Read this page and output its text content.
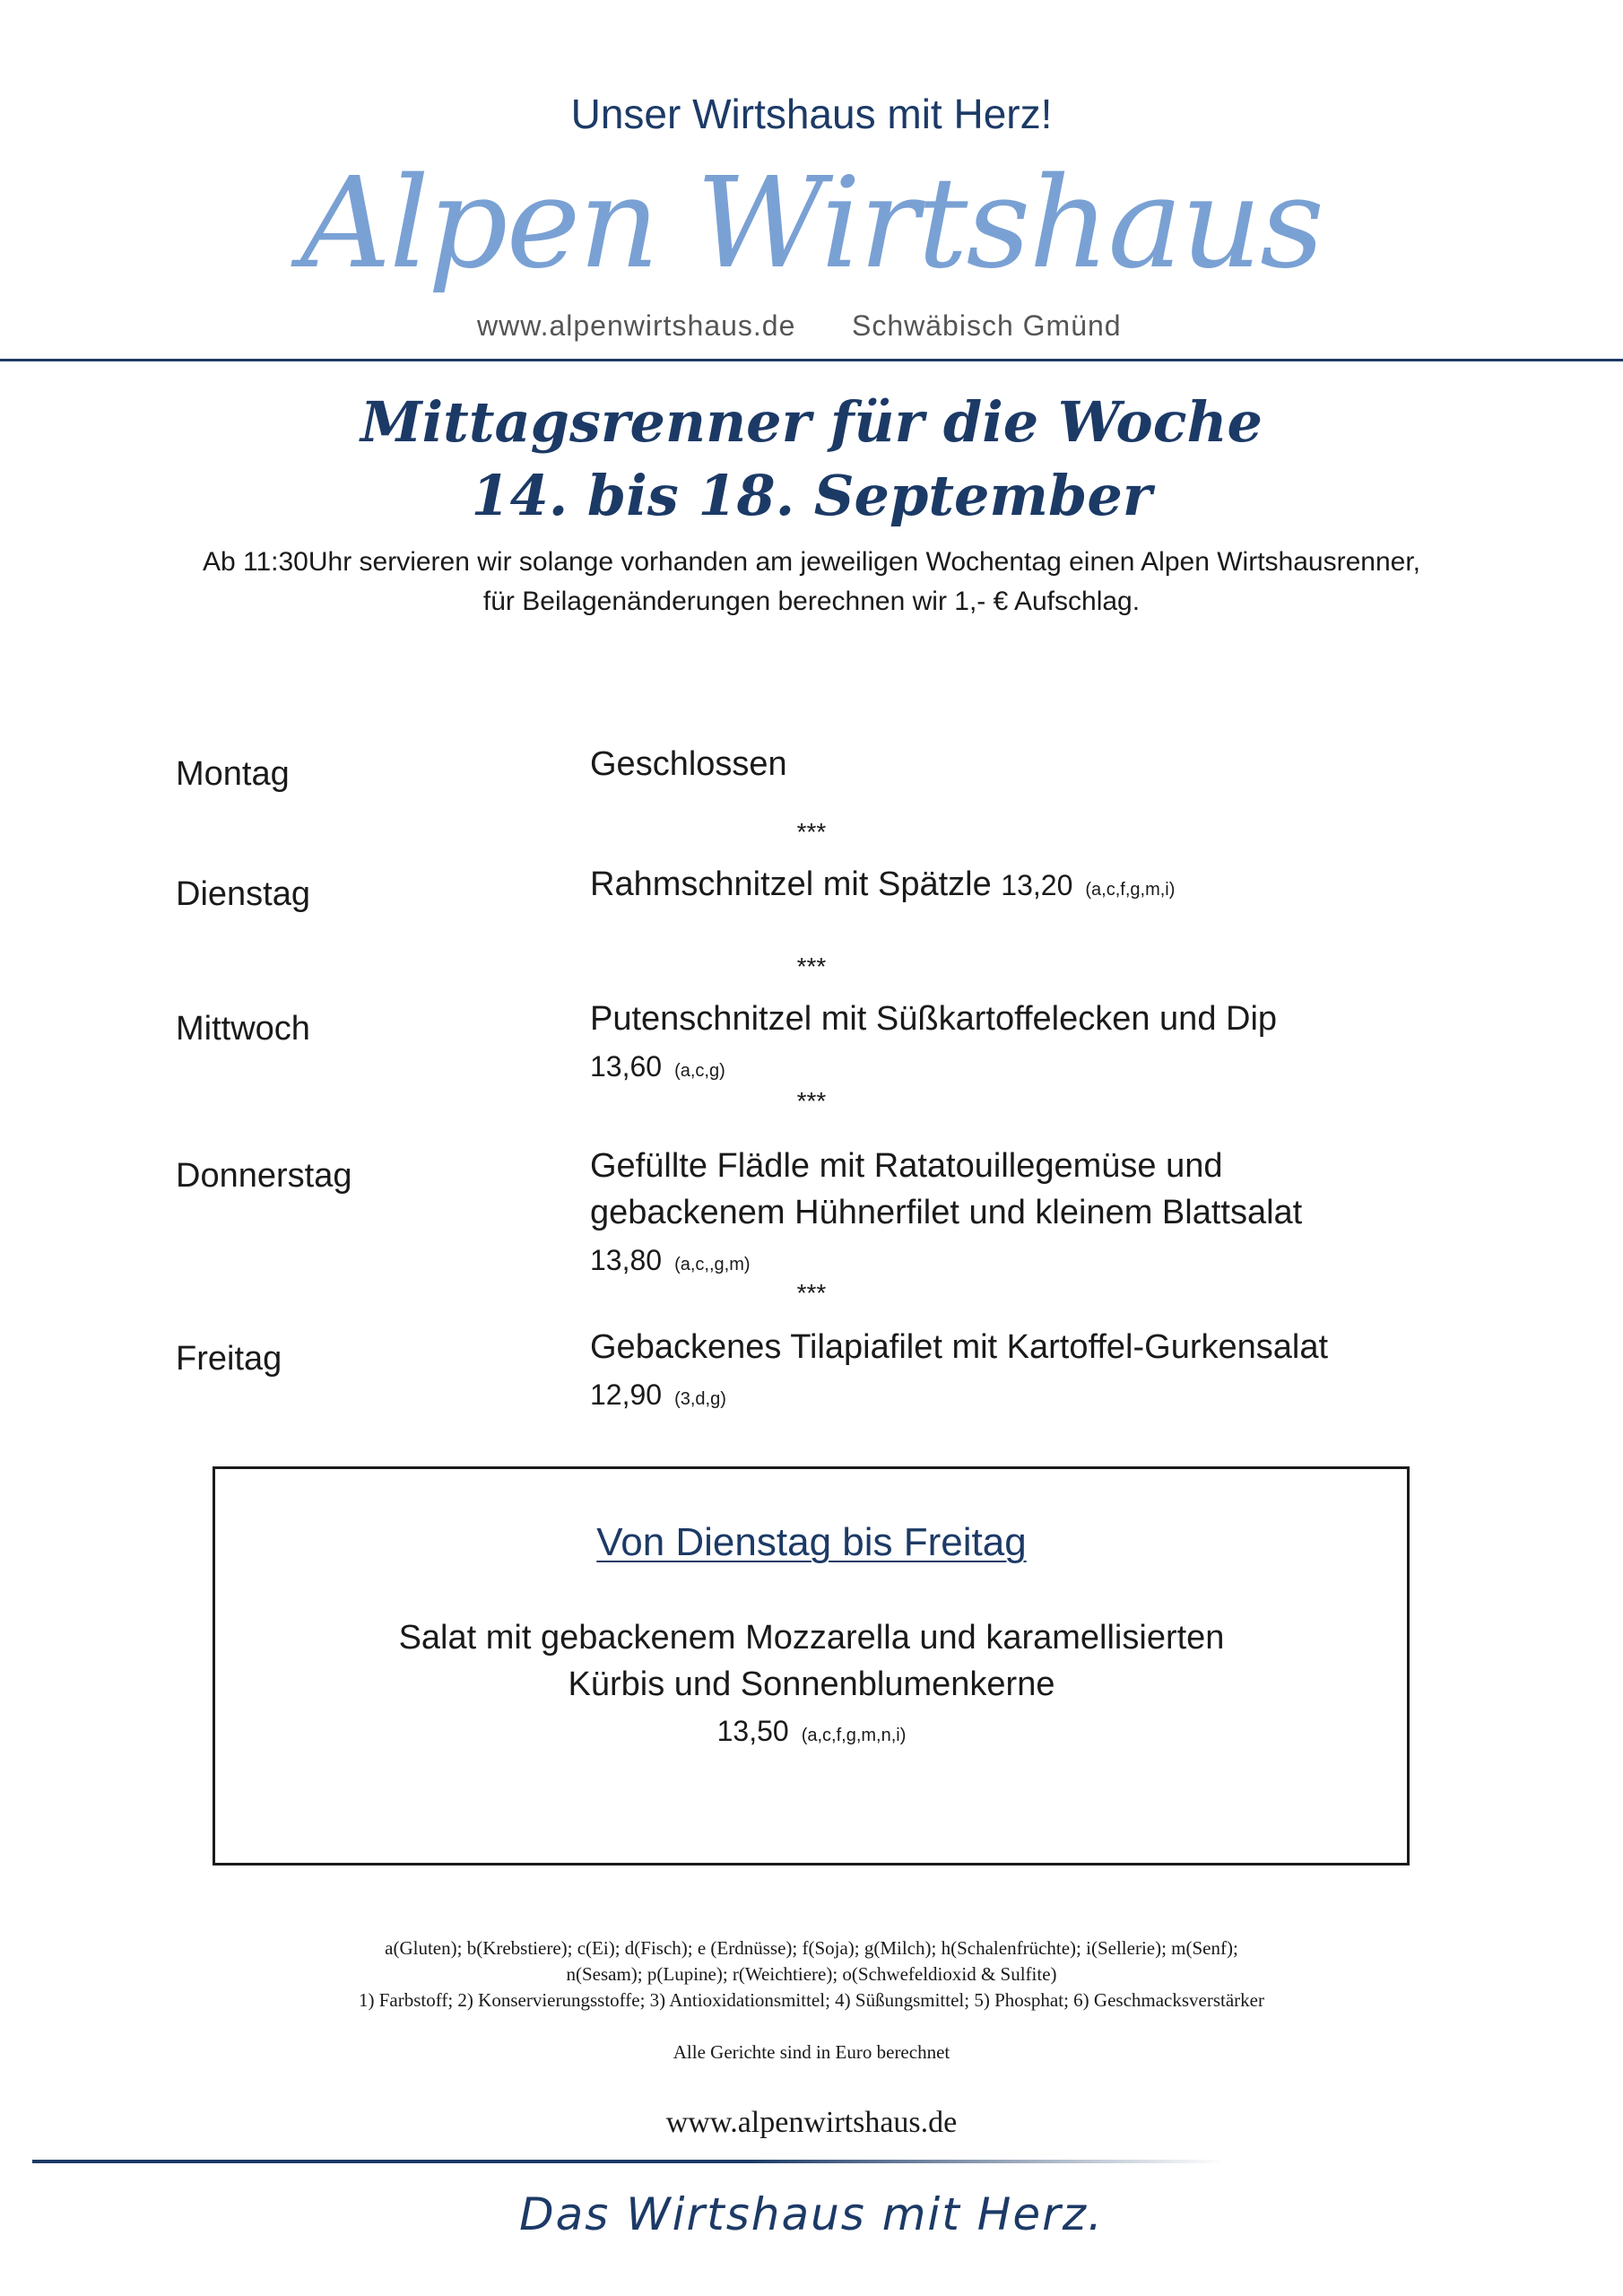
Unser Wirtshaus mit Herz!
Alpen Wirtshaus
www.alpenwirtshaus.de Schwäbisch Gmünd
Mittagsrenner für die Woche
14. bis 18. September
Ab 11:30Uhr servieren wir solange vorhanden am jeweiligen Wochentag einen Alpen Wirtshausrenner,
für Beilagenänderungen berechnen wir 1,- € Aufschlag.
Montag	Geschlossen
***
Dienstag	Rahmschnitzel mit Spätzle 13,20 (a,c,f,g,m,i)
***
Mittwoch	Putenschnitzel mit Süßkartoffelecken und Dip
13,60 (a,c,g)
***
Donnerstag	Gefüllte Flädle mit Ratatouillegemüse und
gebackenem Hühnerfilet und kleinem Blattsalat
13,80 (a,c,,g,m)
***
Freitag	Gebackenes Tilapiafilet mit Kartoffel-Gurkensalat
12,90 (3,d,g)
Von Dienstag bis Freitag
Salat mit gebackenem Mozzarella und karamellisierten
Kürbis und Sonnenblumenkerne
13,50 (a,c,f,g,m,n,i)
a(Gluten); b(Krebstiere); c(Ei); d(Fisch); e (Erdnüsse); f(Soja); g(Milch); h(Schalenfrüchte); i(Sellerie); m(Senf);
n(Sesam); p(Lupine); r(Weichtiere); o(Schwefeldioxid & Sulfite)
1) Farbstoff; 2) Konservierungsstoffe; 3) Antioxidationsmittel; 4) Süßungsmittel; 5) Phosphat; 6) Geschmacksverstärker
Alle Gerichte sind in Euro berechnet
www.alpenwirtshaus.de
Das Wirtshaus mit Herz.
